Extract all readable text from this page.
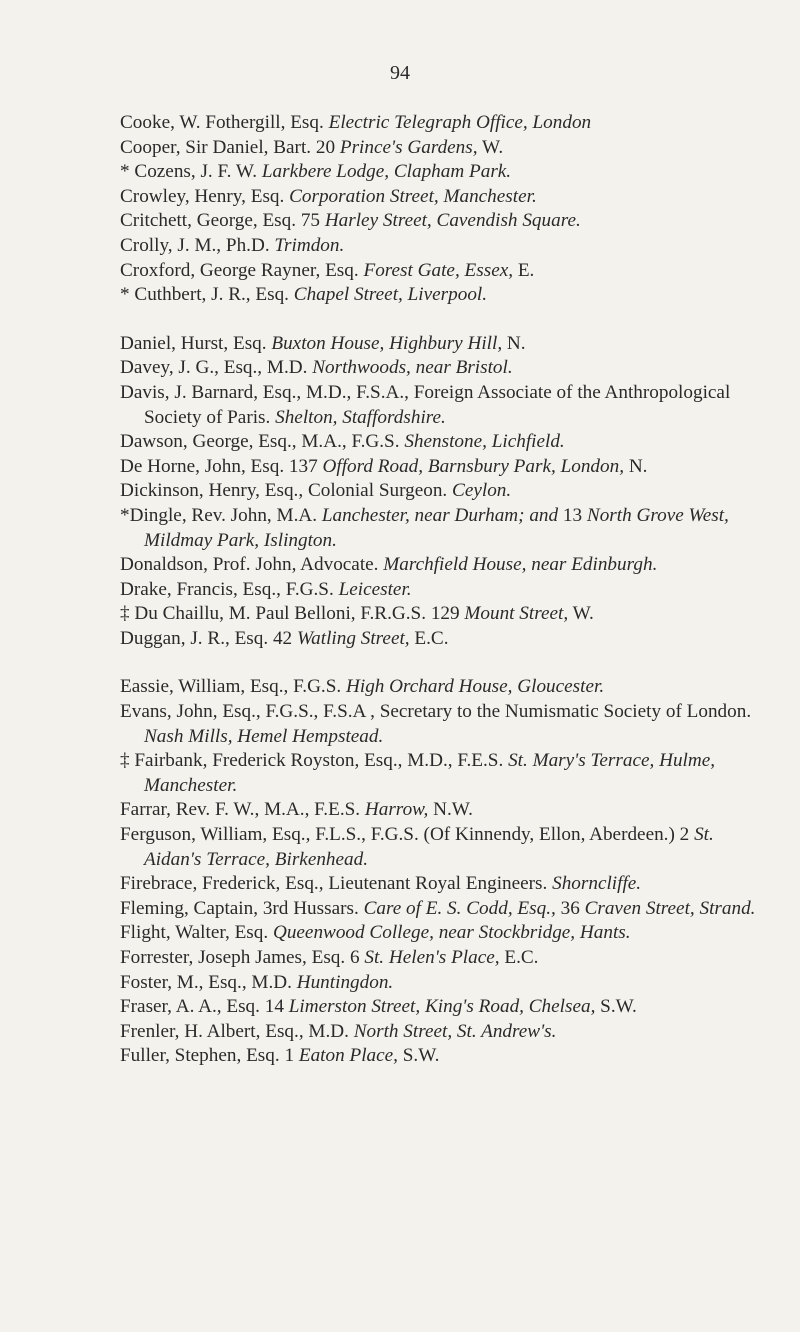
94
Cooke, W. Fothergill, Esq. Electric Telegraph Office, London
Cooper, Sir Daniel, Bart. 20 Prince's Gardens, W.
* Cozens, J. F. W. Larkbere Lodge, Clapham Park.
Crowley, Henry, Esq. Corporation Street, Manchester.
Critchett, George, Esq. 75 Harley Street, Cavendish Square.
Crolly, J. M., Ph.D. Trimdon.
Croxford, George Rayner, Esq. Forest Gate, Essex, E.
* Cuthbert, J. R., Esq. Chapel Street, Liverpool.
Daniel, Hurst, Esq. Buxton House, Highbury Hill, N.
Davey, J. G., Esq., M.D. Northwoods, near Bristol.
Davis, J. Barnard, Esq., M.D., F.S.A., Foreign Associate of the Anthropological Society of Paris. Shelton, Staffordshire.
Dawson, George, Esq., M.A., F.G.S. Shenstone, Lichfield.
De Horne, John, Esq. 137 Offord Road, Barnsbury Park, London, N.
Dickinson, Henry, Esq., Colonial Surgeon. Ceylon.
*Dingle, Rev. John, M.A. Lanchester, near Durham; and 13 North Grove West, Mildmay Park, Islington.
Donaldson, Prof. John, Advocate. Marchfield House, near Edinburgh.
Drake, Francis, Esq., F.G.S. Leicester.
‡ Du Chaillu, M. Paul Belloni, F.R.G.S. 129 Mount Street, W.
Duggan, J. R., Esq. 42 Watling Street, E.C.
Eassie, William, Esq., F.G.S. High Orchard House, Gloucester.
Evans, John, Esq., F.G.S., F.S.A , Secretary to the Numismatic Society of London. Nash Mills, Hemel Hempstead.
‡ Fairbank, Frederick Royston, Esq., M.D., F.E.S. St. Mary's Terrace, Hulme, Manchester.
Farrar, Rev. F. W., M.A., F.E.S. Harrow, N.W.
Ferguson, William, Esq., F.L.S., F.G.S. (Of Kinnendy, Ellon, Aberdeen.) 2 St. Aidan's Terrace, Birkenhead.
Firebrace, Frederick, Esq., Lieutenant Royal Engineers. Shorncliffe.
Fleming, Captain, 3rd Hussars. Care of E. S. Codd, Esq., 36 Craven Street, Strand.
Flight, Walter, Esq. Queenwood College, near Stockbridge, Hants.
Forrester, Joseph James, Esq. 6 St. Helen's Place, E.C.
Foster, M., Esq., M.D. Huntingdon.
Fraser, A. A., Esq. 14 Limerston Street, King's Road, Chelsea, S.W.
Frenler, H. Albert, Esq., M.D. North Street, St. Andrew's.
Fuller, Stephen, Esq. 1 Eaton Place, S.W.
